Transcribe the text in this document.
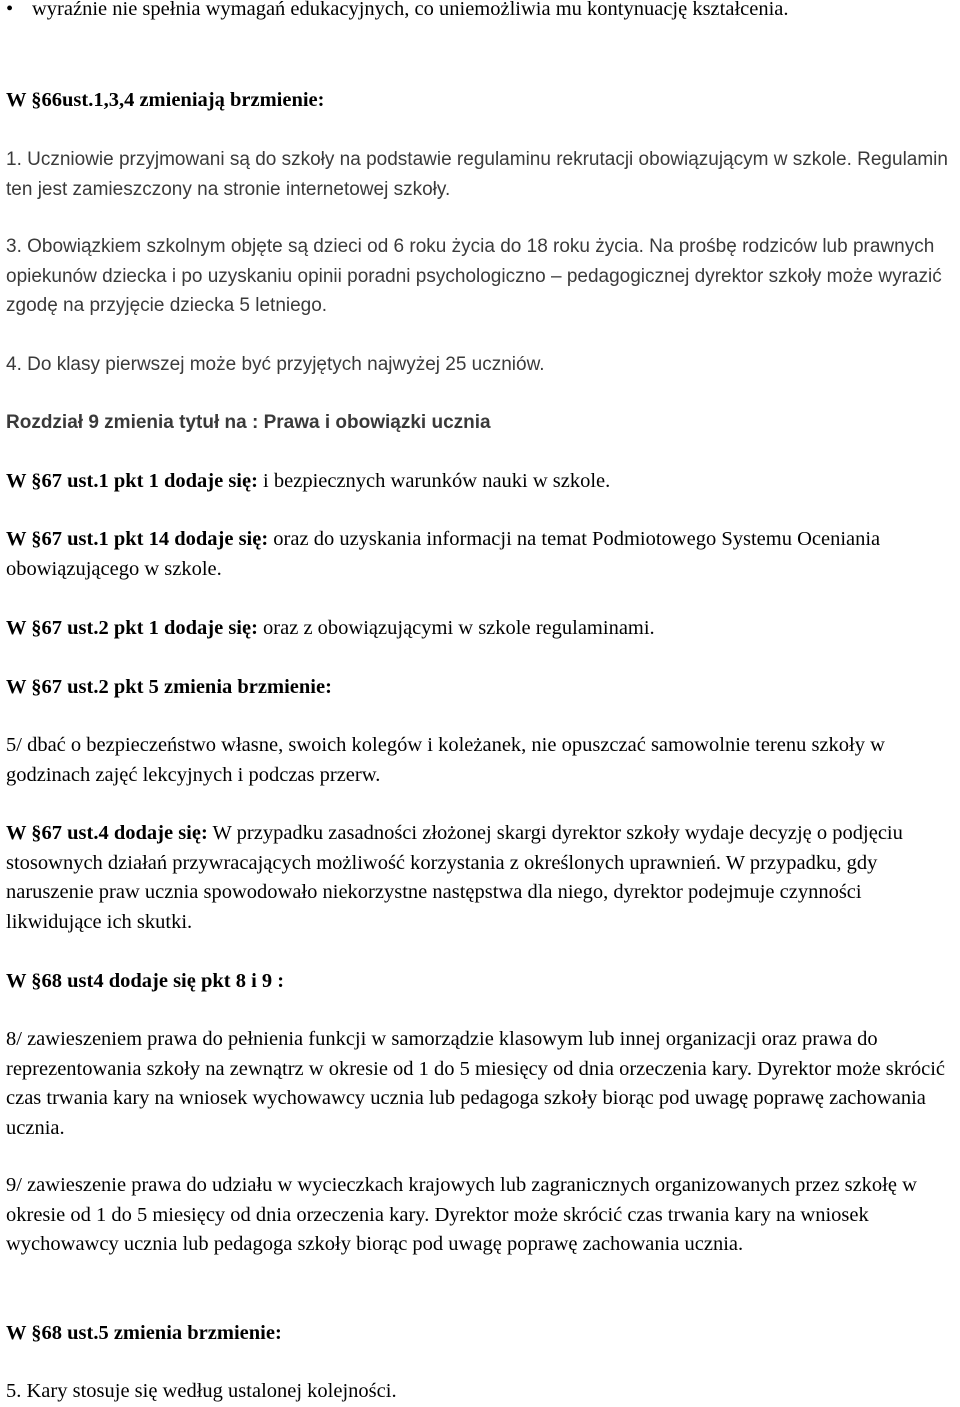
• wyraźnie nie spełnia wymagań edukacyjnych, co uniemożliwia mu kontynuację kształcenia.

W §66ust.1,3,4 zmieniają brzmienie:

1. Uczniowie przyjmowani są do szkoły na podstawie regulaminu rekrutacji obowiązującym w szkole. Regulamin ten jest zamieszczony na stronie internetowej szkoły.

3. Obowiązkiem szkolnym objęte są dzieci od 6 roku życia do 18 roku życia. Na prośbę rodziców lub prawnych opiekunów dziecka i po uzyskaniu opinii poradni psychologiczno – pedagogicznej dyrektor szkoły może wyrazić zgodę na przyjęcie dziecka 5 letniego.

4. Do klasy pierwszej może być przyjętych najwyżej 25 uczniów.

Rozdział 9 zmienia tytuł na : Prawa i obowiązki ucznia

W §67 ust.1 pkt 1 dodaje się: i bezpiecznych warunków nauki w szkole.

W §67 ust.1 pkt 14 dodaje się: oraz do uzyskania informacji na temat Podmiotowego Systemu Oceniania obowiązującego w szkole.

W §67 ust.2 pkt 1 dodaje się: oraz z obowiązującymi w szkole regulaminami.

W §67 ust.2 pkt 5 zmienia brzmienie:

5/ dbać o bezpieczeństwo własne, swoich kolegów i koleżanek, nie opuszczać samowolnie terenu szkoły w godzinach zajęć lekcyjnych i podczas przerw.

W §67 ust.4 dodaje się: W przypadku zasadności złożonej skargi dyrektor szkoły wydaje decyzję o podjęciu stosownych działań przywracających możliwość korzystania z określonych uprawnień. W przypadku, gdy naruszenie praw ucznia spowodowało niekorzystne następstwa dla niego, dyrektor podejmuje czynności likwidujące ich skutki.

W §68 ust4 dodaje się pkt 8 i 9 :

8/ zawieszeniem prawa do pełnienia funkcji w samorządzie klasowym lub innej organizacji oraz prawa do reprezentowania szkoły na zewnątrz w okresie od 1 do 5 miesięcy od dnia orzeczenia kary. Dyrektor może skrócić czas trwania kary na wniosek wychowawcy ucznia lub pedagoga szkoły biorąc pod uwagę poprawę zachowania ucznia.

9/ zawieszenie prawa do udziału w wycieczkach krajowych lub zagranicznych organizowanych przez szkołę w okresie od 1 do 5 miesięcy od dnia orzeczenia kary. Dyrektor może skrócić czas trwania kary na wniosek wychowawcy ucznia lub pedagoga szkoły biorąc pod uwagę poprawę zachowania ucznia.

W §68 ust.5 zmienia brzmienie:

5. Kary stosuje się według ustalonej kolejności.
